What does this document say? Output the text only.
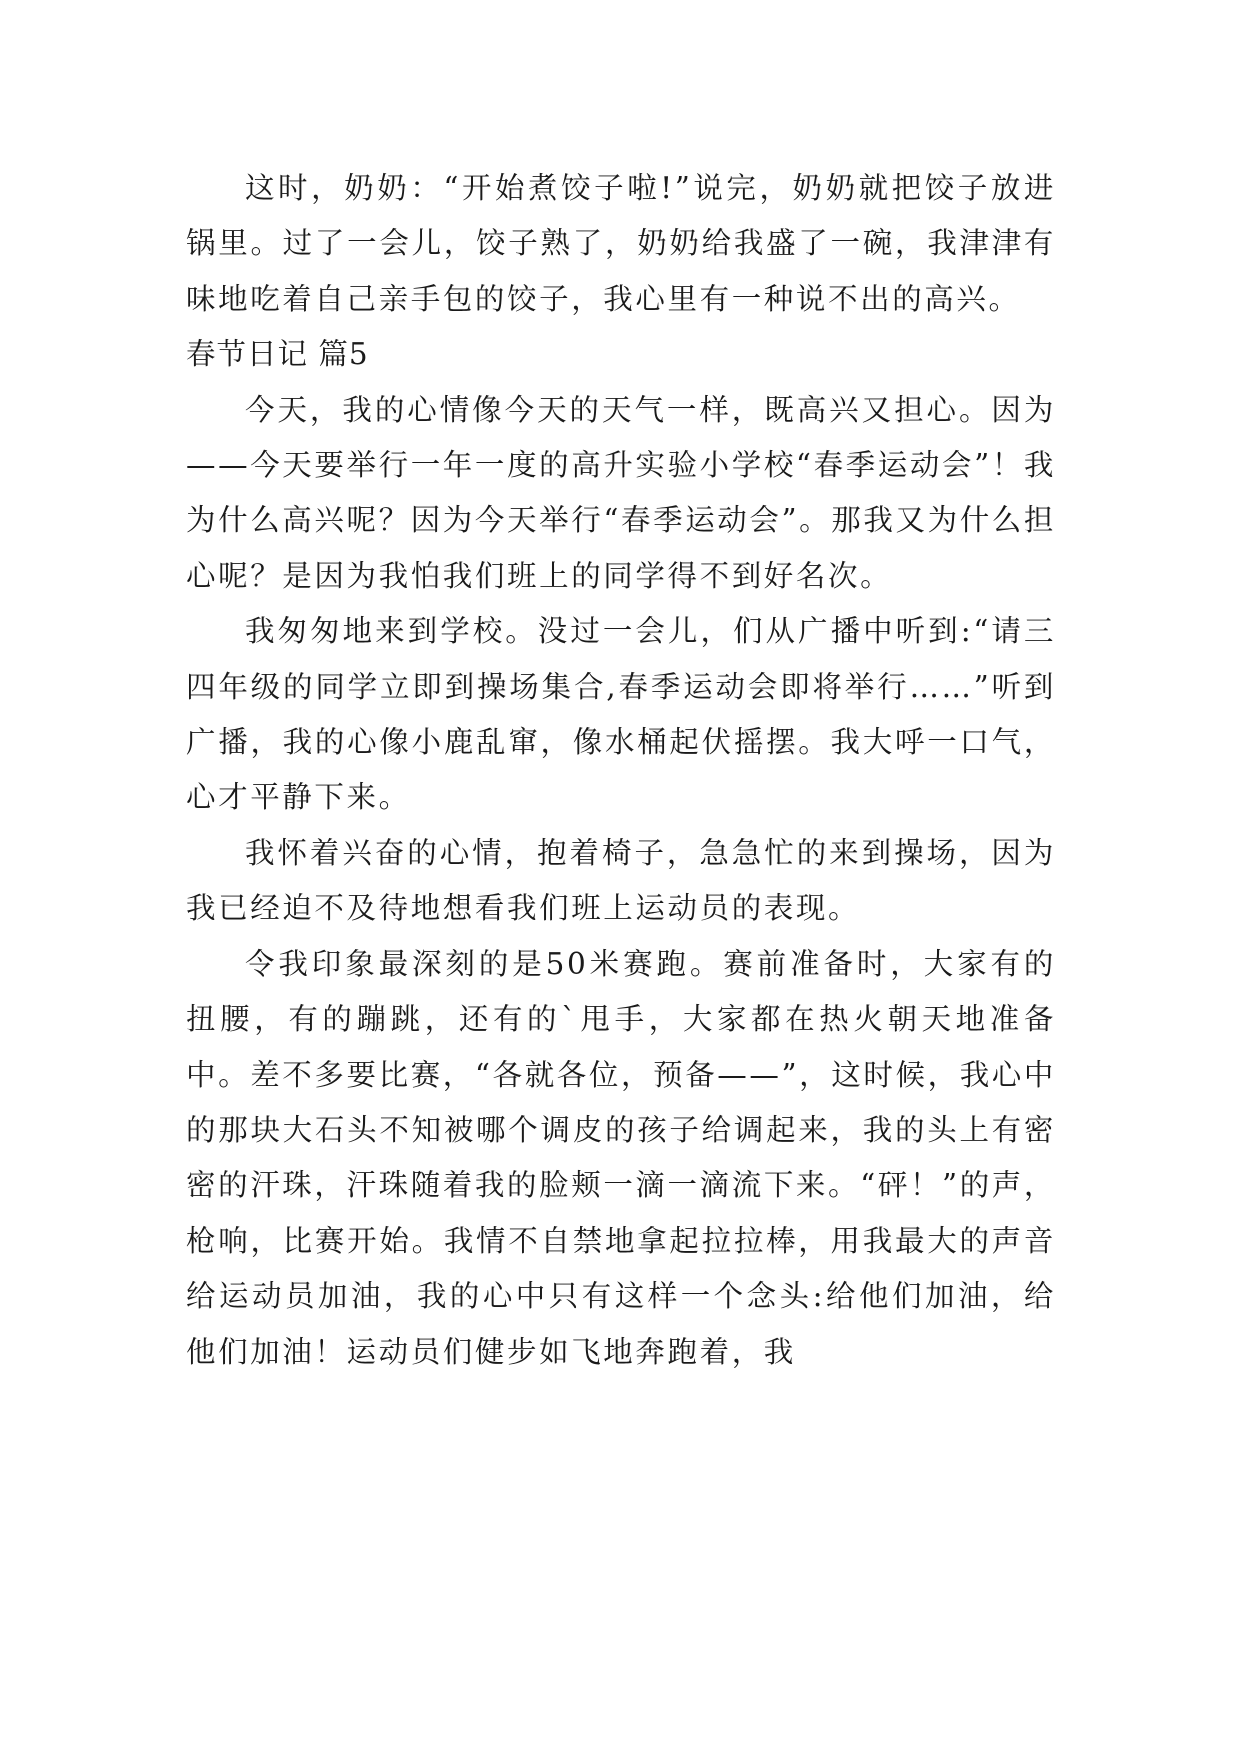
这时，奶奶：“开始煮饺子啦!”说完，奶奶就把饺子放进锅里。过了一会儿，饺子熟了，奶奶给我盛了一碗，我津津有味地吃着自己亲手包的饺子，我心里有一种说不出的高兴。

春节日记 篇5

今天，我的心情像今天的天气一样，既高兴又担心。因为——今天要举行一年一度的高升实验小学校“春季运动会”！我为什么高兴呢？因为今天举行“春季运动会”。那我又为什么担心呢？是因为我怕我们班上的同学得不到好名次。

我匆匆地来到学校。没过一会儿，们从广播中听到:“请三四年级的同学立即到操场集合,春季运动会即将举行……”听到广播，我的心像小鹿乱窜，像水桶起伏摇摆。我大呼一口气，心才平静下来。

我怀着兴奋的心情，抱着椅子，急急忙的来到操场，因为我已经迫不及待地想看我们班上运动员的表现。

令我印象最深刻的是50米赛跑。赛前准备时，大家有的扭腰，有的蹦跳，还有的`甩手，大家都在热火朝天地准备中。差不多要比赛，“各就各位，预备——”，这时候，我心中的那块大石头不知被哪个调皮的孩子给调起来，我的头上有密密的汗珠，汗珠随着我的脸颊一滴一滴流下来。“砰！”的声，枪响，比赛开始。我情不自禁地拿起拉拉棒，用我最大的声音给运动员加油，我的心中只有这样一个念头:给他们加油，给他们加油！运动员们健步如飞地奔跑着，我
